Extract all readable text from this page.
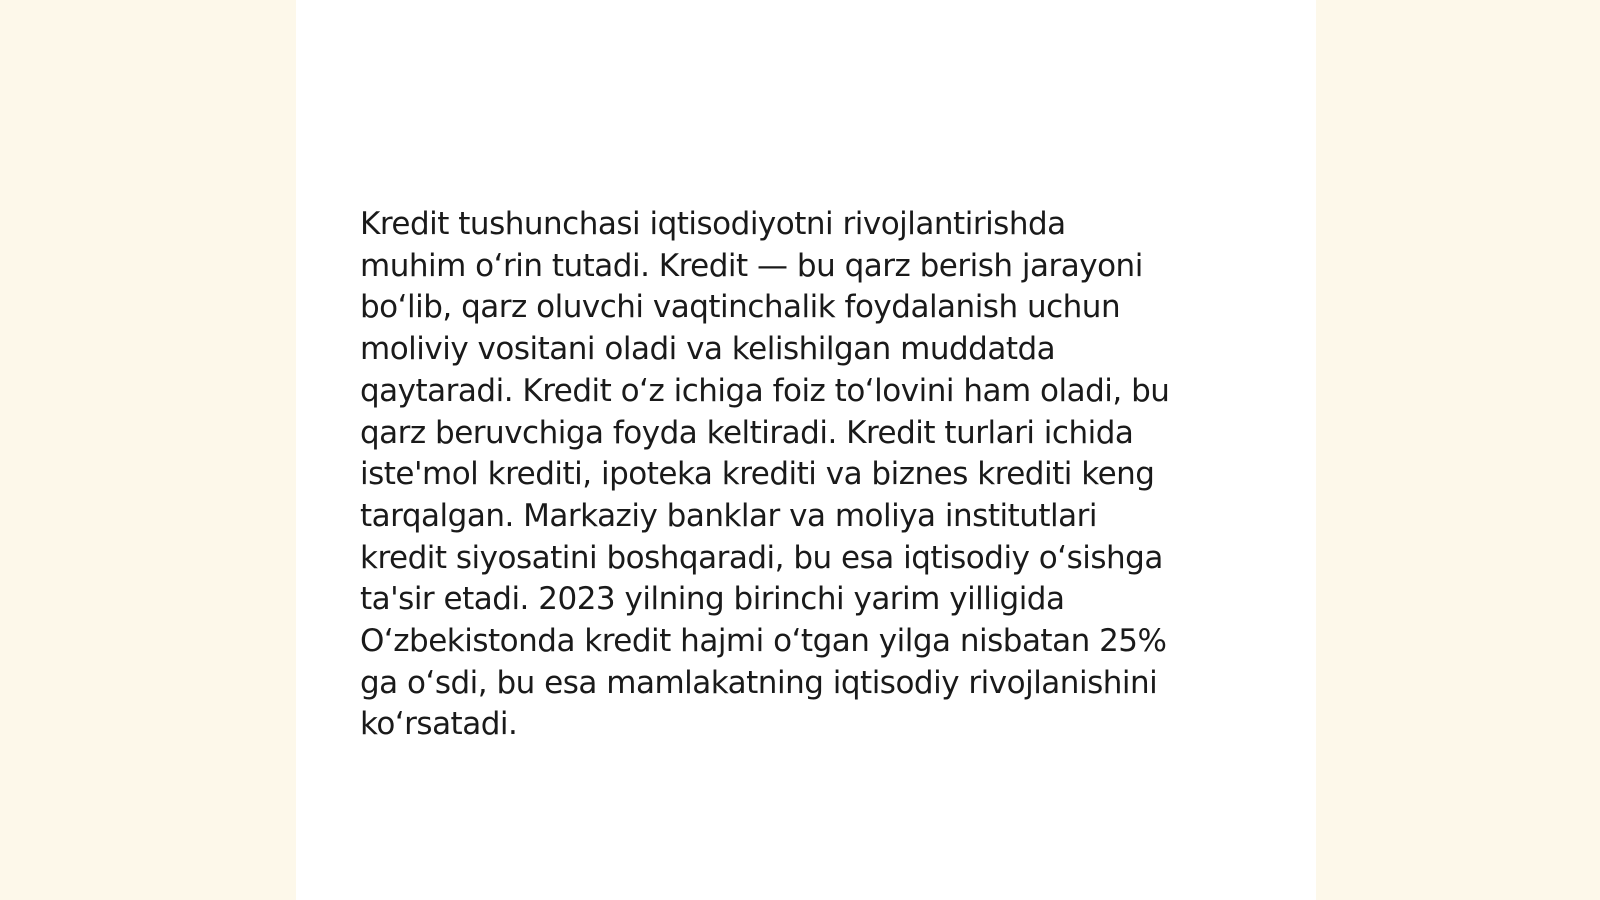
Kredit tushunchasi iqtisodiyotni rivojlantirishda
muhim oʻrin tutadi. Kredit — bu qarz berish jarayoni
boʻlib, qarz oluvchi vaqtinchalik foydalanish uchun
moliviy vositani oladi va kelishilgan muddatda
qaytaradi. Kredit oʻz ichiga foiz toʻlovini ham oladi, bu
qarz beruvchiga foyda keltiradi. Kredit turlari ichida
iste'mol krediti, ipoteka krediti va biznes krediti keng
tarqalgan. Markaziy banklar va moliya institutlari
kredit siyosatini boshqaradi, bu esa iqtisodiy oʻsishga
ta'sir etadi. 2023 yilning birinchi yarim yilligida
Oʻzbekistonda kredit hajmi oʻtgan yilga nisbatan 25%
ga oʻsdi, bu esa mamlakatning iqtisodiy rivojlanishini
koʻrsatadi.
